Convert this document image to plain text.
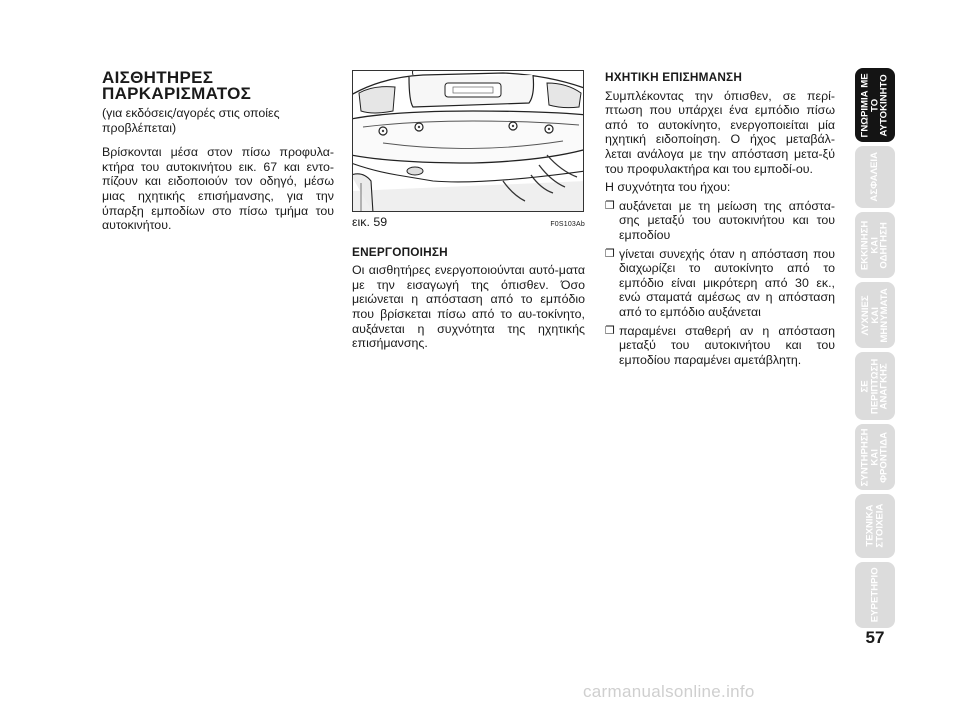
ΑΙΣΘΗΤΗΡΕΣ
ΠΑΡΚΑΡΙΣΜΑΤΟΣ

(για εκδόσεις/αγορές στις οποίες προβλέπεται)

Βρίσκονται μέσα στον πίσω προφυλα-κτήρα του αυτοκινήτου εικ. 67 και εντο-πίζουν και ειδοποιούν τον οδηγό, μέσω μιας ηχητικής επισήμανσης, για την ύπαρξη εμποδίων στο πίσω τμήμα του αυτοκινήτου.	εικ. 59	F0S103Ab

ΕΝΕΡΓΟΠΟΙΗΣΗ

Οι αισθητήρες ενεργοποιούνται αυτό-ματα με την εισαγωγή της όπισθεν. Όσο μειώνεται η απόσταση από το εμπόδιο που βρίσκεται πίσω από το αυ-τοκίνητο, αυξάνεται η συχνότητα της ηχητικής επισήμανσης.

ΗΧΗΤΙΚΗ ΕΠΙΣΗΜΑΝΣΗ

Συμπλέκοντας την όπισθεν, σε περί-πτωση που υπάρχει ένα εμπόδιο πίσω από το αυτοκίνητο, ενεργοποιείται μία ηχητική ειδοποίηση. Ο ήχος μεταβάλ-λεται ανάλογα με την απόσταση μετα-ξύ του προφυλακτήρα και του εμποδί-ου.

Η συχνότητα του ήχου:

❐ αυξάνεται με τη μείωση της απόστα-σης μεταξύ του αυτοκινήτου και του εμποδίου
❐ γίνεται συνεχής όταν η απόσταση που διαχωρίζει το αυτοκίνητο από το εμπόδιο είναι μικρότερη από 30 εκ., ενώ σταματά αμέσως αν η απόσταση από το εμπόδιο αυξάνεται
❐ παραμένει σταθερή αν η απόσταση μεταξύ του αυτοκινήτου και του εμποδίου παραμένει αμετάβλητη.
ΓΝΩΡΙΜΙΑ ΜΕ
ΤΟ
ΑΥΤΟΚΙΝΗΤΟ
ΑΣΦΑΛΕΙΑ
ΕΚΚΙΝΗΣΗ
ΚΑΙ
ΟΔΗΓΗΣΗ
ΛΥΧΝΙΕΣ
ΚΑΙ
ΜΗΝΥΜΑΤΑ
ΣΕ
ΠΕΡΙΠΤΩΣΗ
ΑΝΑΓΚΗΣ
ΣΥΝΤΗΡΗΣΗ
ΚΑΙ
ΦΡΟΝΤΙΔΑ
ΤΕΧΝΙΚΑ
ΣΤΟΙΧΕΙΑ
ΕΥΡΕΤΗΡΙΟ
57
carmanualsonline.info
